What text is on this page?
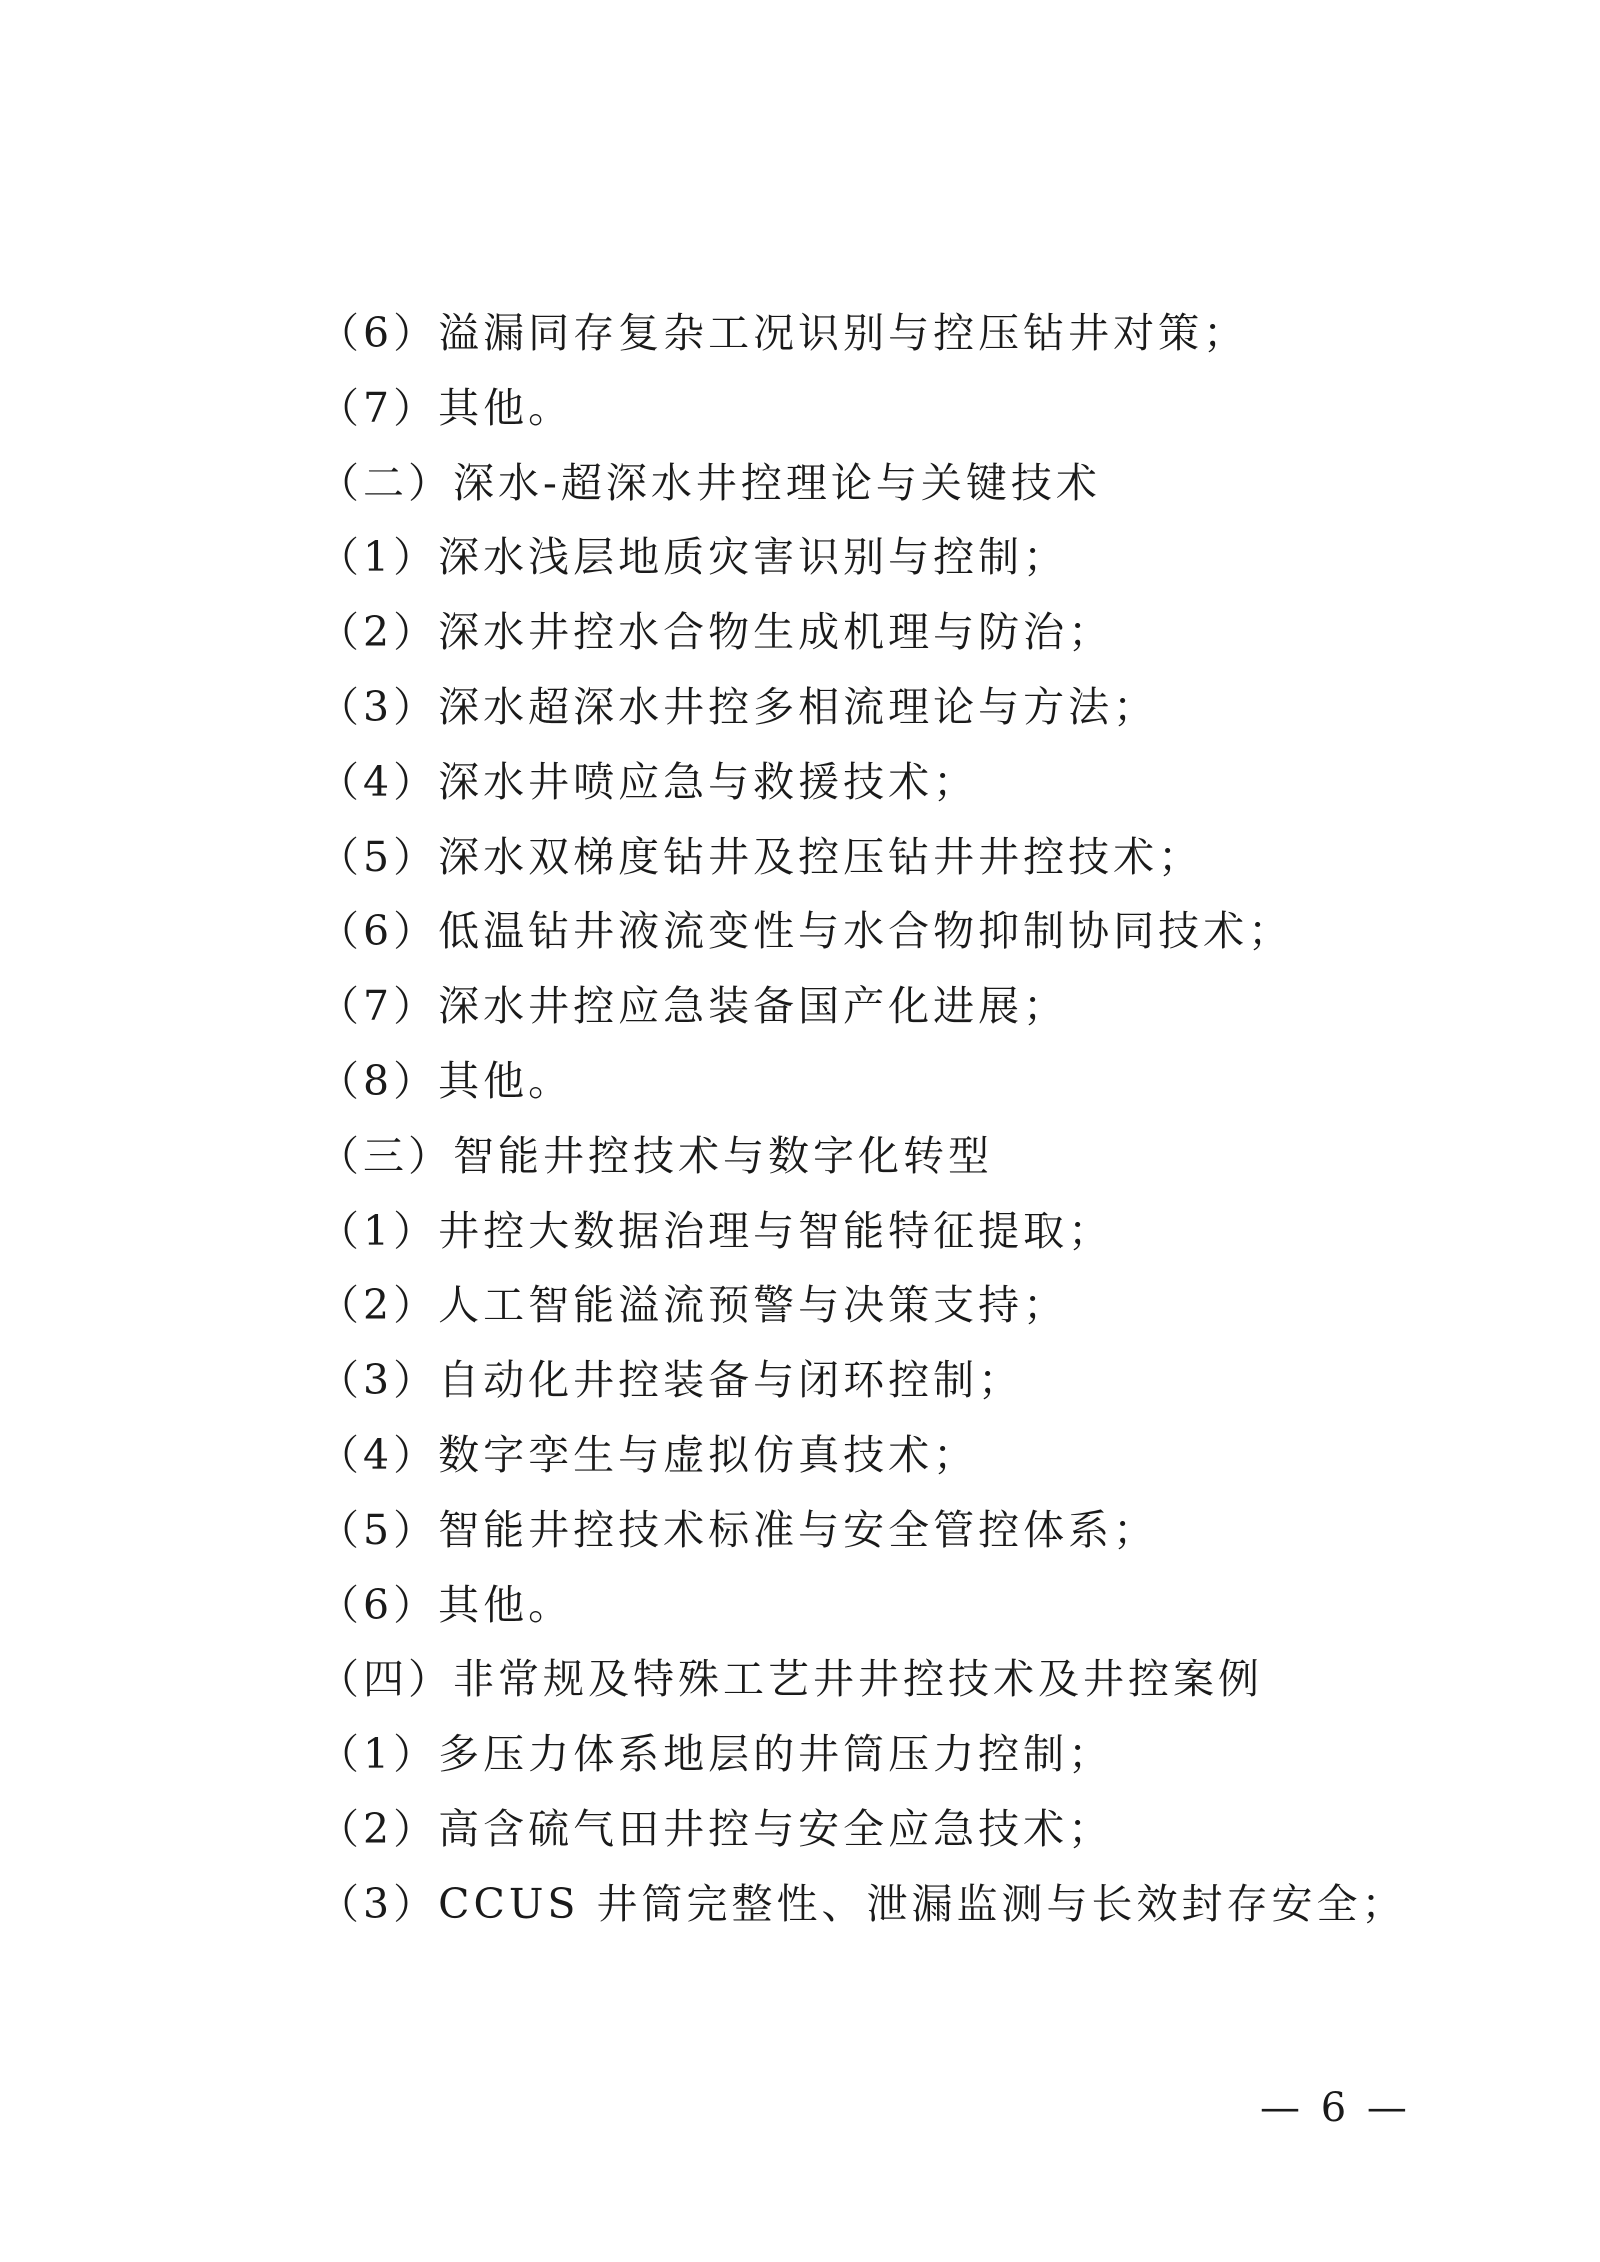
（6）溢漏同存复杂工况识别与控压钻井对策；
（7）其他。
（二）深水-超深水井控理论与关键技术
（1）深水浅层地质灾害识别与控制；
（2）深水井控水合物生成机理与防治；
（3）深水超深水井控多相流理论与方法；
（4）深水井喷应急与救援技术；
（5）深水双梯度钻井及控压钻井井控技术；
（6）低温钻井液流变性与水合物抑制协同技术；
（7）深水井控应急装备国产化进展；
（8）其他。
（三）智能井控技术与数字化转型
（1）井控大数据治理与智能特征提取；
（2）人工智能溢流预警与决策支持；
（3）自动化井控装备与闭环控制；
（4）数字孪生与虚拟仿真技术；
（5）智能井控技术标准与安全管控体系；
（6）其他。
（四）非常规及特殊工艺井井控技术及井控案例
（1）多压力体系地层的井筒压力控制；
（2）高含硫气田井控与安全应急技术；
（3）CCUS 井筒完整性、泄漏监测与长效封存安全；
— 6 —
